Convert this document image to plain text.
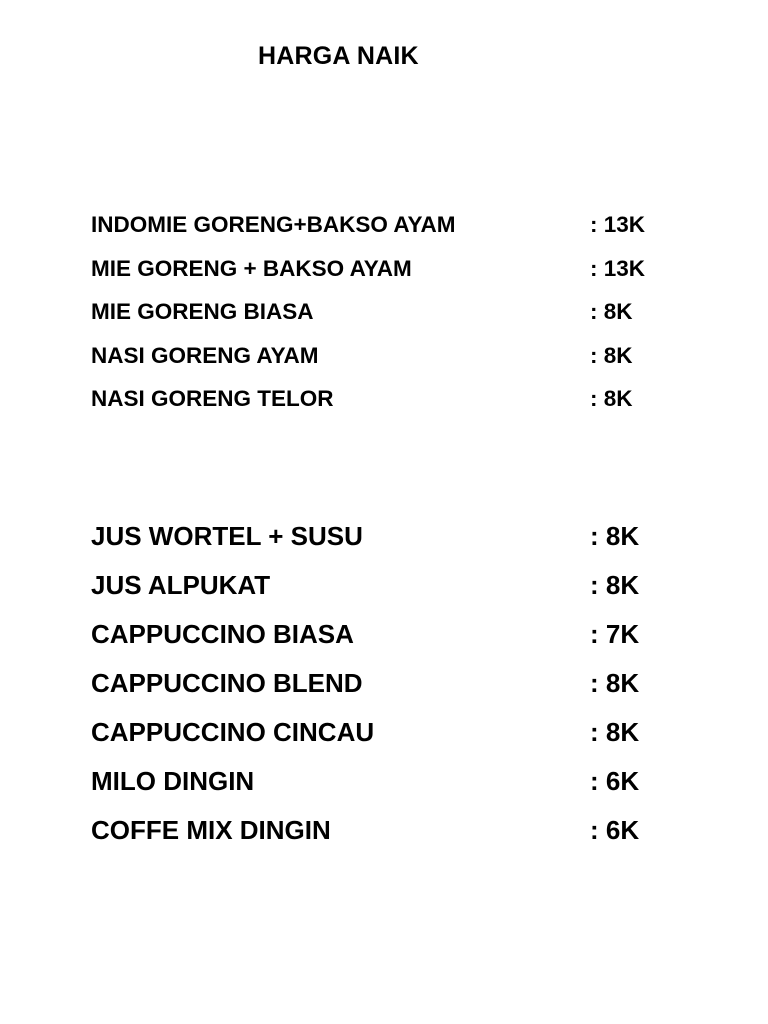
HARGA NAIK
INDOMIE GORENG+BAKSO AYAM	: 13K
MIE GORENG + BAKSO AYAM	: 13K
MIE GORENG BIASA	: 8K
NASI GORENG AYAM	: 8K
NASI GORENG TELOR	: 8K
JUS WORTEL + SUSU	: 8K
JUS ALPUKAT	: 8K
CAPPUCCINO BIASA	: 7K
CAPPUCCINO BLEND	: 8K
CAPPUCCINO CINCAU	: 8K
MILO DINGIN	: 6K
COFFE MIX DINGIN	: 6K
